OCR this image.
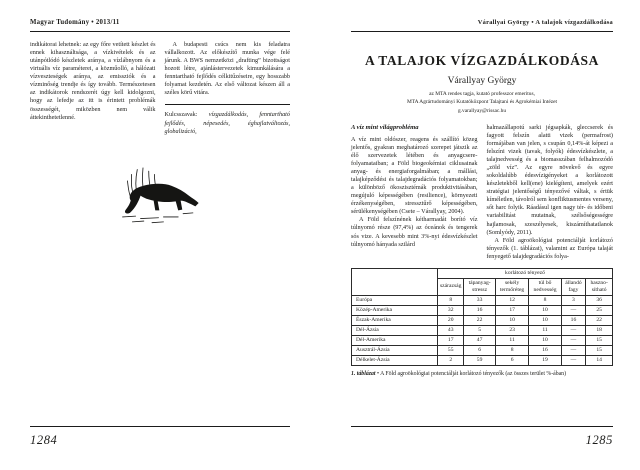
Magyar Tudomány • 2013/11

indikátorai lehetnek: az egy főre vetített készlet és ennek kihasználtsága, a vízkivételek és az utánpótlódó készletek aránya, a vízlábnyom és a virtuális víz paraméterei, a közműolló, a hálózati vízveszteségek aránya, az emissziók és a vízminőség trendje és így tovább. Természetesen az indikátorok rendszerét úgy kell kidolgozni, hogy az lefedje az itt is érintett problémák összességét, miközben nem válik áttekinthetetlenné.

A budapesti csúcs nem kis feladatra vállalkozott. Az előkészítő munka vége felé járunk. A BWS nemzetközi „drafting” bizottságot hozott létre, ajánlástervezetek kimunkálására a fenntartható fejlődés célkitűzéseire, egy hosszabb folyamat kezdetén. Az első változat készen áll a széles körű vitára.

Kulcsszavak: vízgazdálkodás, fenntartható fejlődés, népesedés, éghajlatváltozás, globalizáció,

1284
Várallyai György • A talajok vízgazdálkodása
A TALAJOK VÍZGAZDÁLKODÁSA
Várallyay György
az MTA rendes tagja, kutató professzor emeritus,
MTA Agrártudományi Kutatóközpont Talajtani és Agrokémiai Intézet
g.varallyay@rissac.hu
A víz mint világprobléma

A víz mint oldószer, reagens és szállító közeg jelentős, gyakran meghatározó szerepet játszik az élő szervezetek létében és anyagcsere-folyamataiban; a Föld biogeokémiai ciklusainak anyag- és energiaforgalmában; a mállási, talajképződési és talajdegradációs folyamatokban; a különböző ökoszisztémák produktivitásában, megújuló képességében (resilience), környezeti érzékenységében, stressztűrő képességében, sérülékenységében (Csete – Várallyay, 2004).

A Föld felszínének kétharmadát borító víz túlnyomó része (97,4%) az óceánok és tengerek sós vize. A kevesebb mint 3%-nyi édesvízkészlet túlnyomó hányada szilárd

halmazállapotú sarki jégsapkák, gleccserek és fagyott felszín alatti vizek (permafrost) formájában van jelen, s csupán 0,14%-át képezi a felszíni vizek (tavak, folyók) édesvízkészlete, a talajnedvesség és a biomasszában felhalmozódó „zöld víz”. Az egyre növekvő és egyre sokoldalúbb édesvízigényeket a korlátozott készletekből kell(ene) kielégíteni, amelyek ezért stratégiai jelentőségű tényezővé váltak, s értük kíméletlen, távolról sem konfliktusmentes verseny, sőt harc folyik. Ráadásul igen nagy tér- és időbeni variabilitást mutatnak, szélsőségességre hajlamosak, szeszélyesek, kiszámíthatatlanok (Somlyódy, 2011).

A Föld agroökológiai potenciálját korlátozó tényezők (1. táblázat), valamint az Európa talaját fenyegető talajdegradációs folya-

	korlátozó tényező					
	szárazság	tápanyag-stressz	sekély termőréteg	túl bő nedvesség	állandó fagy	haszno-sítható
Európa	8	33	12	8	3	36
Közép-Amerika	32	16	17	10	—	25
Észak-Amerika	20	22	10	10	16	22
Dél-Ázsia	43	5	23	11	—	18
Dél-Amerika	17	47	11	10	—	15
Ausztrál-Ázsia	55	6	8	16	—	15
Délkelet-Ázsia	2	59	6	19	—	14

1. táblázat • A Föld agroökológiai potenciálját korlátozó tényezők (az összes terület %-ában)

1285
